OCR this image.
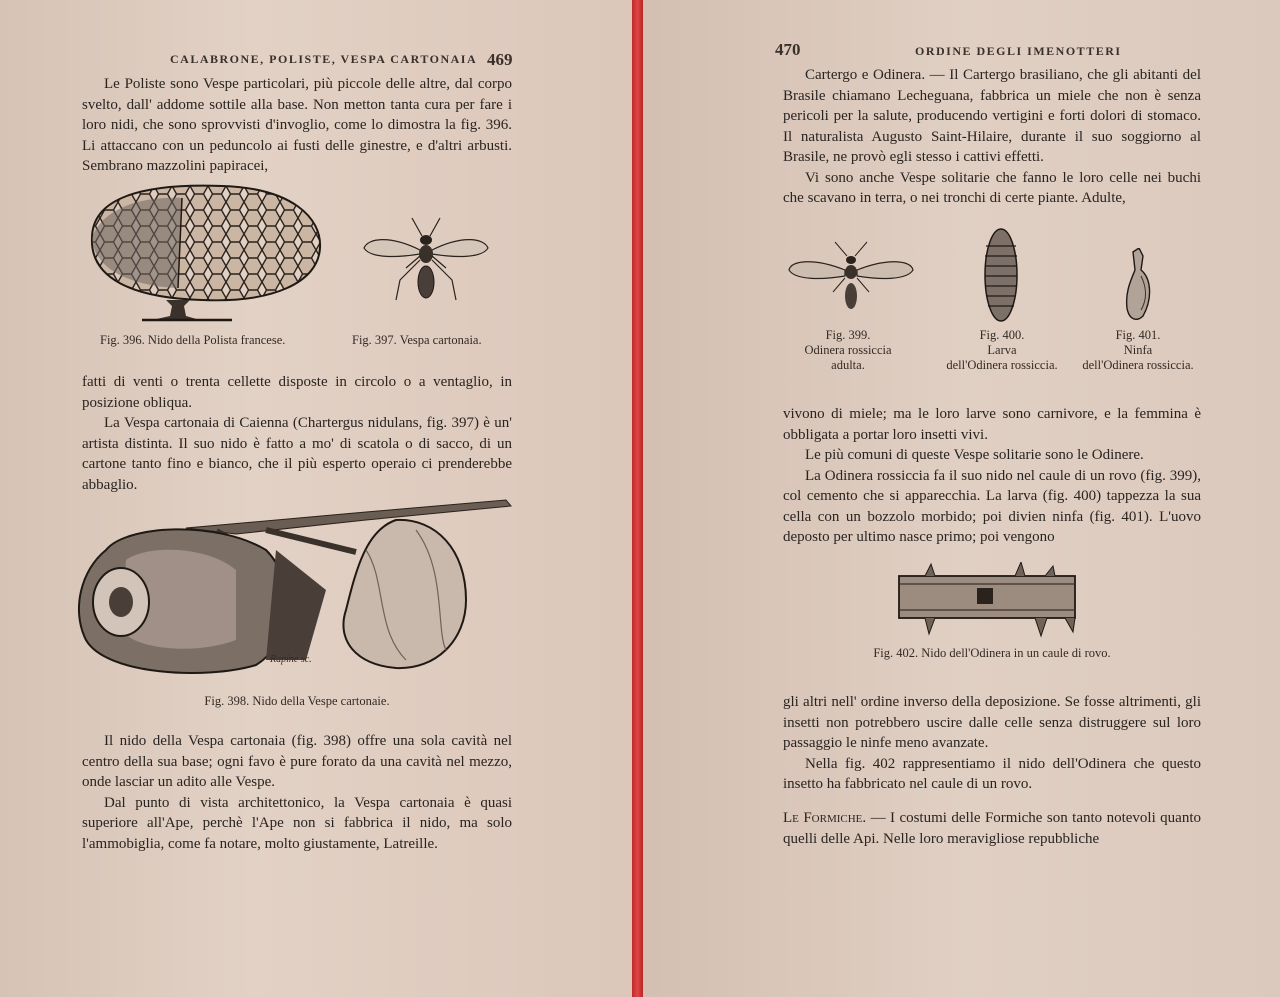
CALABRONE, POLISTE, VESPA CARTONAIA 469

Le Poliste sono Vespe particolari, più piccole delle altre, dal corpo svelto, dall' addome sottile alla base. Non metton tanta cura per fare i loro nidi, che sono sprovvisti d'invoglio, come lo dimostra la fig. 396. Li attaccano con un peduncolo ai fusti delle ginestre, e d'altri arbusti. Sembrano mazzolini papiracei,

Fig. 396. Nido della Polista francese.	Fig. 397. Vespa cartonaia.

fatti di venti o trenta cellette disposte in circolo o a ventaglio, in posizione obliqua.

La Vespa cartonaia di Caienna (Chartergus nidulans, fig. 397) è un' artista distinta. Il suo nido è fatto a mo' di scatola o di sacco, di un cartone tanto fino e bianco, che il più esperto operaio ci prenderebbe abbaglio.

Rapine sc.
Fig. 398. Nido della Vespe cartonaie.

Il nido della Vespa cartonaia (fig. 398) offre una sola cavità nel centro della sua base; ogni favo è pure forato da una cavità nel mezzo, onde lasciar un adito alle Vespe.

Dal punto di vista architettonico, la Vespa cartonaia è quasi superiore all'Ape, perchè l'Ape non si fabbrica il nido, ma solo l'ammobiglia, come fa notare, molto giustamente, Latreille.

470	ORDINE DEGLI IMENOTTERI

Cartergo e Odinera. — Il Cartergo brasiliano, che gli abitanti del Brasile chiamano Lecheguana, fabbrica un miele che non è senza pericoli per la salute, producendo vertigini e forti dolori di stomaco. Il naturalista Augusto Saint-Hilaire, durante il suo soggiorno al Brasile, ne provò egli stesso i cattivi effetti.

Vi sono anche Vespe solitarie che fanno le loro celle nei buchi che scavano in terra, o nei tronchi di certe piante. Adulte,

Fig. 399.
Odinera rossiccia
adulta.
Fig. 400.
Larva
dell'Odinera rossiccia.
Fig. 401.
Ninfa
dell'Odinera rossiccia.

vivono di miele; ma le loro larve sono carnivore, e la femmina è obbligata a portar loro insetti vivi.

Le più comuni di queste Vespe solitarie sono le Odinere.

La Odinera rossiccia fa il suo nido nel caule di un rovo (fig. 399), col cemento che si apparecchia. La larva (fig. 400) tappezza la sua cella con un bozzolo morbido; poi divien ninfa (fig. 401). L'uovo deposto per ultimo nasce primo; poi vengono

Fig. 402. Nido dell'Odinera in un caule di rovo.

gli altri nell' ordine inverso della deposizione. Se fosse altrimenti, gli insetti non potrebbero uscire dalle celle senza distruggere sul loro passaggio le ninfe meno avanzate.

Nella fig. 402 rappresentiamo il nido dell'Odinera che questo insetto ha fabbricato nel caule di un rovo.

Le Formiche. — I costumi delle Formiche son tanto notevoli quanto quelli delle Api. Nelle loro meravigliose repubbliche
